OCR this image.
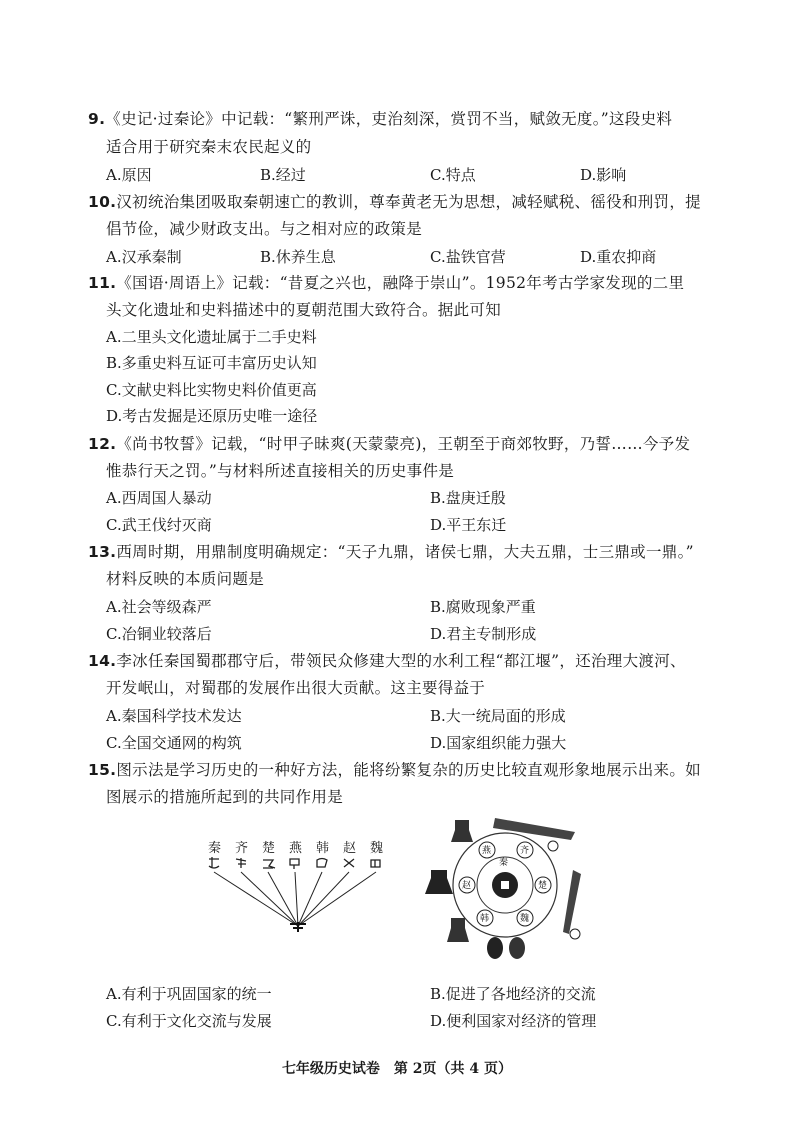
9.《史记·过秦论》中记载：“繁刑严诛，吏治刻深，赏罚不当，赋敛无度。”这段史料
适合用于研究秦末农民起义的
A.原因	B.经过	C.特点	D.影响
10.汉初统治集团吸取秦朝速亡的教训，尊奉黄老无为思想，减轻赋税、徭役和刑罚，提
倡节俭，减少财政支出。与之相对应的政策是
A.汉承秦制	B.休养生息	C.盐铁官营	D.重农抑商
11.《国语·周语上》记载：“昔夏之兴也，融降于崇山”。1952年考古学家发现的二里
头文化遗址和史料描述中的夏朝范围大致符合。据此可知
A.二里头文化遗址属于二手史料
B.多重史料互证可丰富历史认知
C.文献史料比实物史料价值更高
D.考古发掘是还原历史唯一途径
12.《尚书牧誓》记载，“时甲子昧爽(天蒙蒙亮)，王朝至于商郊牧野，乃誓……今予发
惟恭行天之罚。”与材料所述直接相关的历史事件是
A.西周国人暴动	B.盘庚迁殷
C.武王伐纣灭商	D.平王东迁
13.西周时期，用鼎制度明确规定：“天子九鼎，诸侯七鼎，大夫五鼎，士三鼎或一鼎。”
材料反映的本质问题是
A.社会等级森严	B.腐败现象严重
C.冶铜业较落后	D.君主专制形成
14.李冰任秦国蜀郡郡守后，带领民众修建大型的水利工程“都江堰”，还治理大渡河、
开发岷山，对蜀郡的发展作出很大贡献。这主要得益于
A.秦国科学技术发达	B.大一统局面的形成
C.全国交通网的构筑	D.国家组织能力强大
15.图示法是学习历史的一种好方法，能将纷繁复杂的历史比较直观形象地展示出来。如
图展示的措施所起到的共同作用是
秦 齐 楚 燕 韩 赵 魏
秦
燕	齐
赵	楚
韩	魏
A.有利于巩固国家的统一	B.促进了各地经济的交流
C.有利于文化交流与发展	D.便利国家对经济的管理
七年级历史试卷　第 2页（共 4 页）
